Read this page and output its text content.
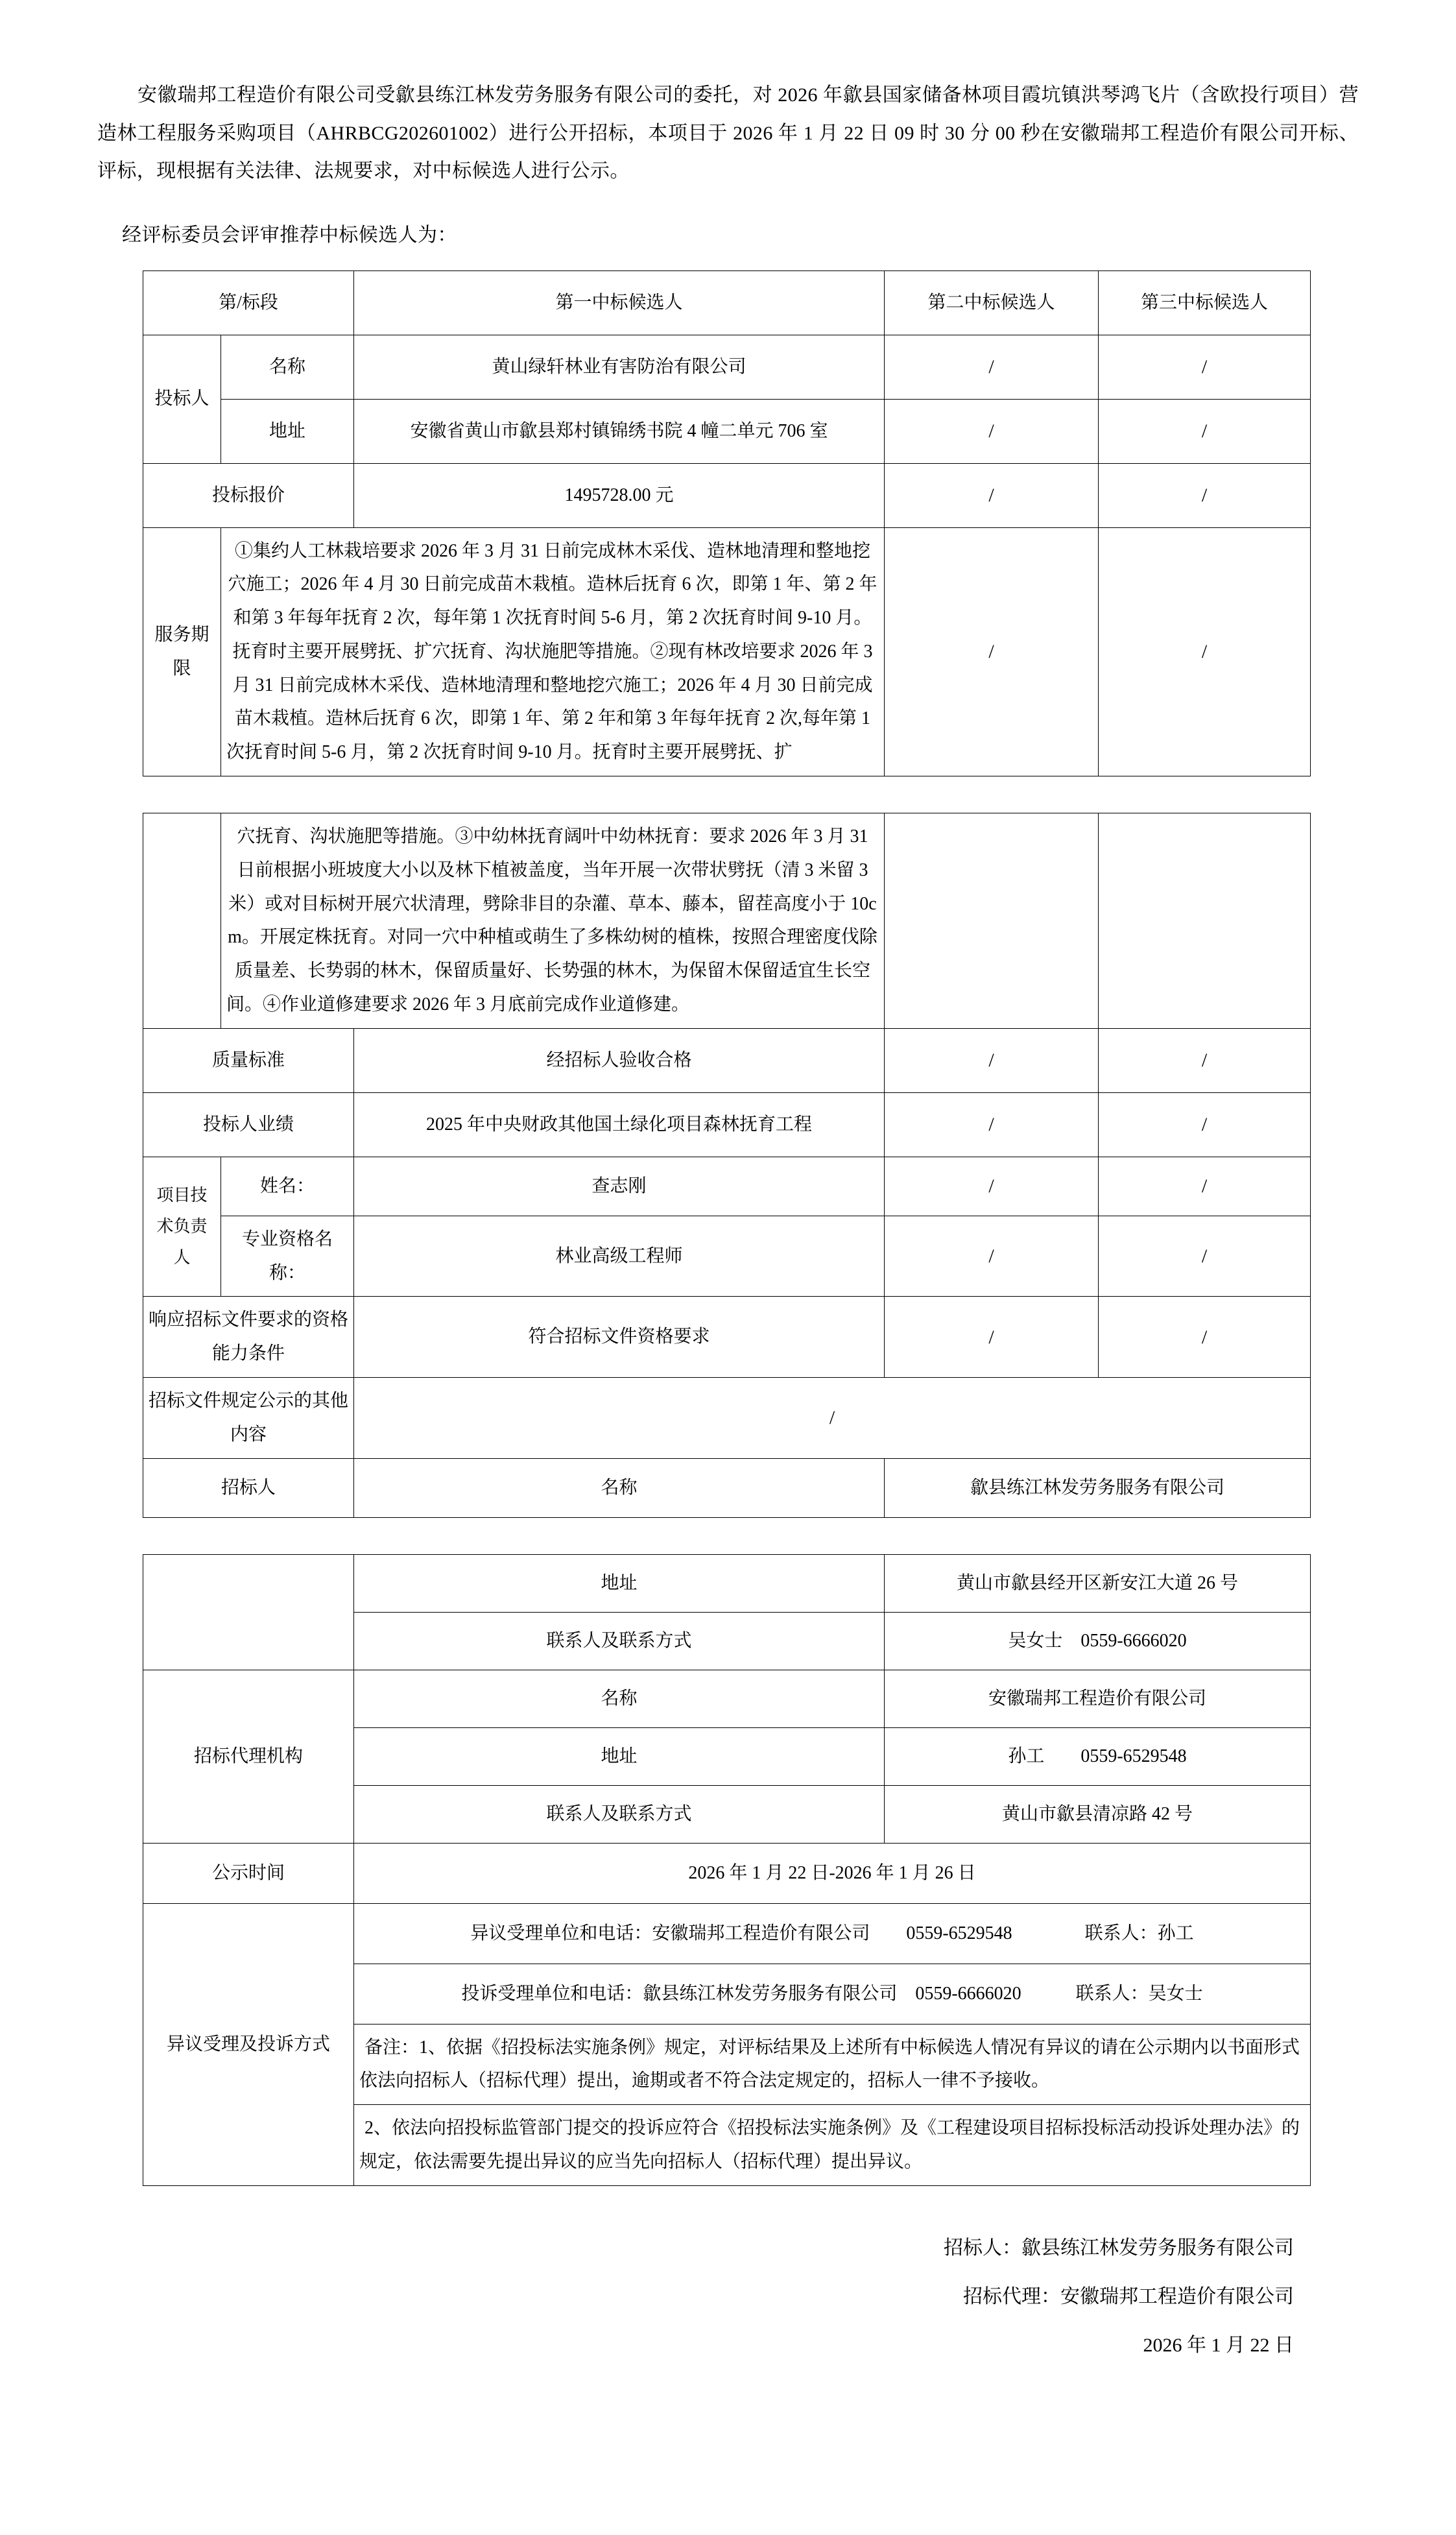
安徽瑞邦工程造价有限公司受歙县练江林发劳务服务有限公司的委托，对 2026 年歙县国家储备林项目霞坑镇洪琴鸿飞片（含欧投行项目）营造林工程服务采购项目（AHRBCG202601002）进行公开招标，本项目于 2026 年 1 月 22 日 09 时 30 分 00 秒在安徽瑞邦工程造价有限公司开标、评标，现根据有关法律、法规要求，对中标候选人进行公示。

经评标委员会评审推荐中标候选人为：

第/标段		第一中标候选人	第二中标候选人	第三中标候选人
投标人	名称	黄山绿轩林业有害防治有限公司	/	/
	地址	安徽省黄山市歙县郑村镇锦绣书院 4 幢二单元 706 室	/	/
投标报价		1495728.00 元	/	/
服务期限	①集约人工林栽培要求 2026 年 3 月 31 日前完成林木采伐、造林地清理和整地挖穴施工；2026 年 4 月 30 日前完成苗木栽植。造林后抚育 6 次，即第 1 年、第 2 年和第 3 年每年抚育 2 次，每年第 1 次抚育时间 5-6 月，第 2 次抚育时间 9-10 月。抚育时主要开展劈抚、扩穴抚育、沟状施肥等措施。②现有林改培要求 2026 年 3 月 31 日前完成林木采伐、造林地清理和整地挖穴施工；2026 年 4 月 30 日前完成苗木栽植。造林后抚育 6 次，即第 1 年、第 2 年和第 3 年每年抚育 2 次,每年第 1 次抚育时间 5-6 月，第 2 次抚育时间 9-10 月。抚育时主要开展劈抚、扩		/	/
	穴抚育、沟状施肥等措施。③中幼林抚育阔叶中幼林抚育：要求 2026 年 3 月 31 日前根据小班坡度大小以及林下植被盖度，当年开展一次带状劈抚（清 3 米留 3 米）或对目标树开展穴状清理，劈除非目的杂灌、草本、藤本，留茬高度小于 10cm。开展定株抚育。对同一穴中种植或萌生了多株幼树的植株，按照合理密度伐除质量差、长势弱的林木，保留质量好、长势强的林木，为保留木保留适宜生长空间。④作业道修建要求 2026 年 3 月底前完成作业道修建。			
质量标准		经招标人验收合格	/	/
投标人业绩		2025 年中央财政其他国土绿化项目森林抚育工程	/	/
项目技术负责人	姓名：	查志刚	/	/
	专业资格名称：	林业高级工程师	/	/
响应招标文件要求的资格能力条件		符合招标文件资格要求	/	/
招标文件规定公示的其他内容		/		
招标人		名称	歙县练江林发劳务服务有限公司	
	地址	黄山市歙县经开区新安江大道 26 号
	联系人及联系方式	吴女士　0559-6666020
招标代理机构	名称	安徽瑞邦工程造价有限公司
	地址	孙工　　0559-6529548
	联系人及联系方式	黄山市歙县清凉路 42 号
公示时间	2026 年 1 月 22 日-2026 年 1 月 26 日	
异议受理及投诉方式	异议受理单位和电话：安徽瑞邦工程造价有限公司　　0559-6529548　　　　联系人：孙工	
	投诉受理单位和电话：歙县练江林发劳务服务有限公司　0559-6666020　　　联系人：吴女士	
	备注：1、依据《招投标法实施条例》规定，对评标结果及上述所有中标候选人情况有异议的请在公示期内以书面形式依法向招标人（招标代理）提出，逾期或者不符合法定规定的，招标人一律不予接收。	
	2、依法向招投标监管部门提交的投诉应符合《招投标法实施条例》及《工程建设项目招标投标活动投诉处理办法》的规定，依法需要先提出异议的应当先向招标人（招标代理）提出异议。	

招标人：歙县练江林发劳务服务有限公司

招标代理：安徽瑞邦工程造价有限公司

2026 年 1 月 22 日
